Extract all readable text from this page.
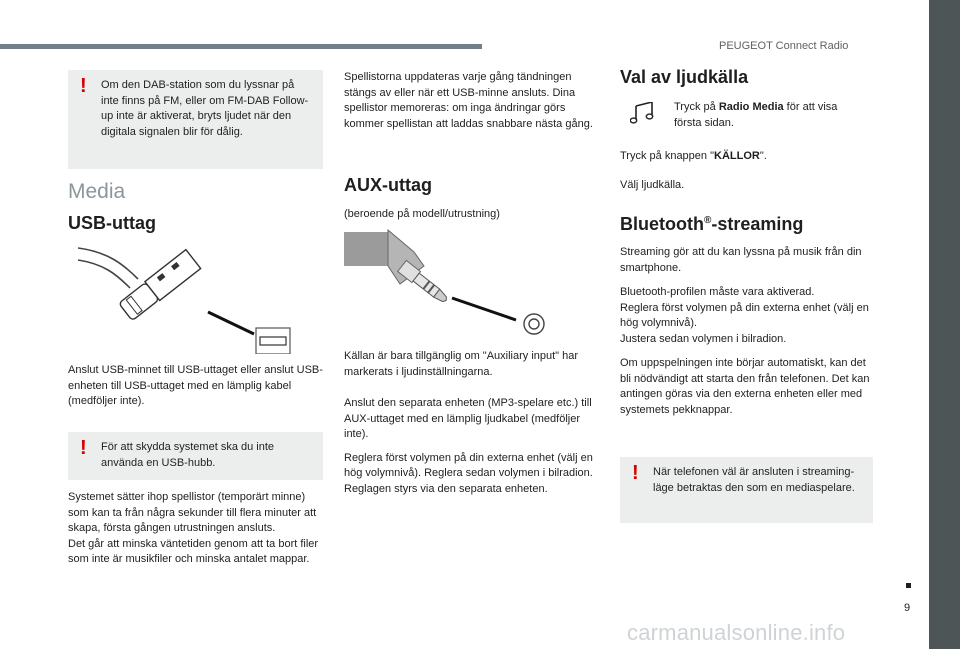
PEUGEOT Connect Radio
9
carmanualsonline.info
! Om den DAB-station som du lyssnar på inte finns på FM, eller om FM-DAB Follow-up inte är aktiverat, bryts ljudet när den digitala signalen blir för dålig.
Media
USB-uttag

Anslut USB-minnet till USB-uttaget eller anslut USB-enheten till USB-uttaget med en lämplig kabel (medföljer inte).

! För att skydda systemet ska du inte använda en USB-hubb.

Systemet sätter ihop spellistor (temporärt minne) som kan ta från några sekunder till flera minuter att skapa, första gången utrustningen ansluts.

Det går att minska väntetiden genom att ta bort filer som inte är musikfiler och minska antalet mappar.

Spellistorna uppdateras varje gång tändningen stängs av eller när ett USB-minne ansluts. Dina spellistor memoreras: om inga ändringar görs kommer spellistan att laddas snabbare nästa gång.

AUX-uttag

(beroende på modell/utrustning)

Källan är bara tillgänglig om "Auxiliary input" har markerats i ljudinställningarna.

Anslut den separata enheten (MP3-spelare etc.) till AUX-uttaget med en lämplig ljudkabel (medföljer inte).

Reglera först volymen på din externa enhet (välj en hög volymnivå). Reglera sedan volymen i bilradion.

Reglagen styrs via den separata enheten.

Val av ljudkälla

Tryck på Radio Media för att visa första sidan.

Tryck på knappen "KÄLLOR".

Välj ljudkälla.

Bluetooth®-streaming

Streaming gör att du kan lyssna på musik från din smartphone.

Bluetooth-profilen måste vara aktiverad.

Reglera först volymen på din externa enhet (välj en hög volymnivå).

Justera sedan volymen i bilradion.

Om uppspelningen inte börjar automatiskt, kan det bli nödvändigt att starta den från telefonen. Det kan antingen göras via den externa enheten eller med systemets pekknappar.

! När telefonen väl är ansluten i streaming-läge betraktas den som en mediaspelare.
